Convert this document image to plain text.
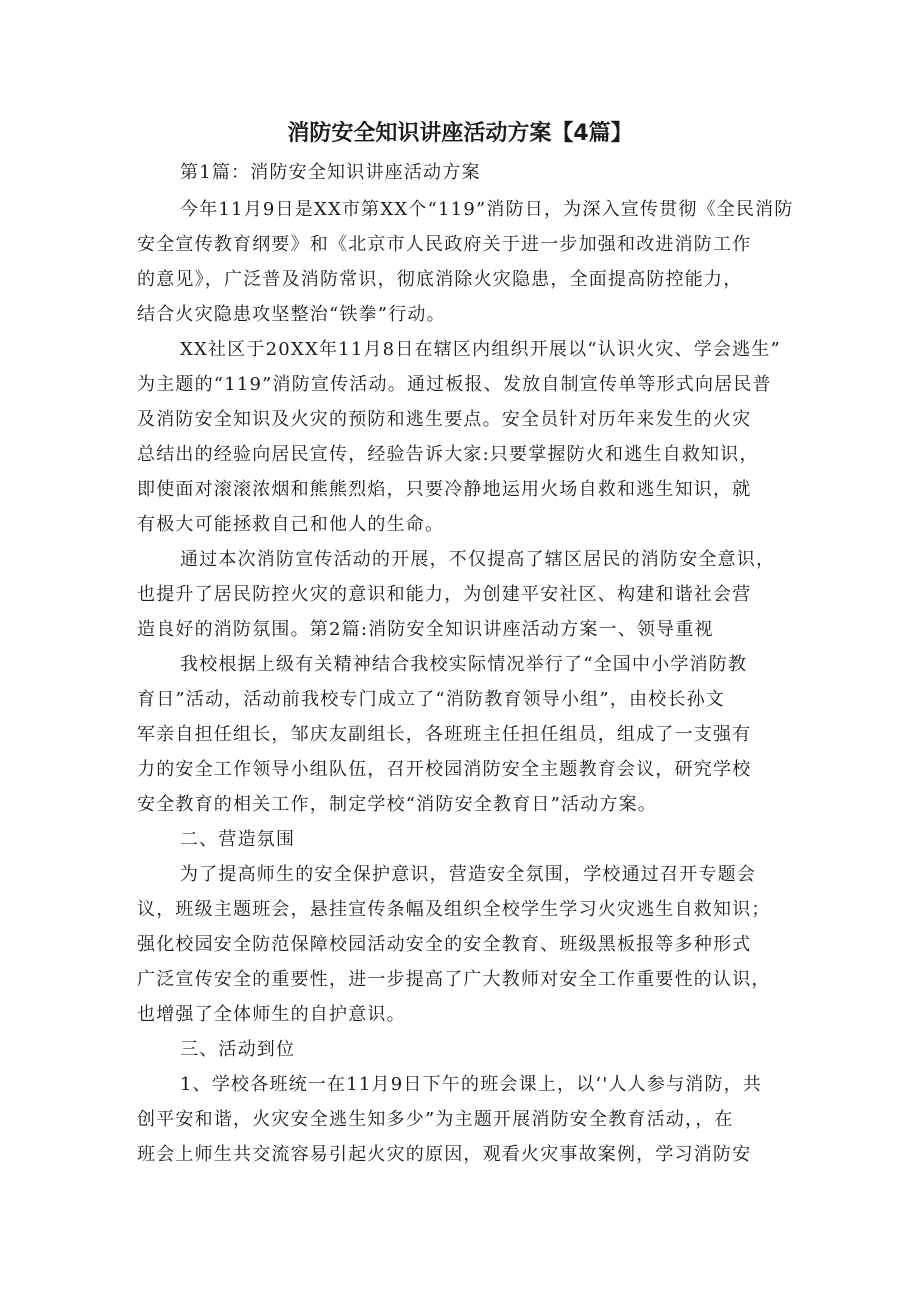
消防安全知识讲座活动方案【4篇】
第1篇：消防安全知识讲座活动方案
今年11月9日是XX市第XX个“119”消防日，为深入宣传贯彻《全民消防
安全宣传教育纲要》和《北京市人民政府关于进一步加强和改进消防工作
的意见》，广泛普及消防常识，彻底消除火灾隐患，全面提高防控能力，
结合火灾隐患攻坚整治“铁拳”行动。
XX社区于20XX年11月8日在辖区内组织开展以“认识火灾、学会逃生”
为主题的“119”消防宣传活动。通过板报、发放自制宣传单等形式向居民普
及消防安全知识及火灾的预防和逃生要点。安全员针对历年来发生的火灾
总结出的经验向居民宣传，经验告诉大家:只要掌握防火和逃生自救知识，
即使面对滚滚浓烟和熊熊烈焰，只要冷静地运用火场自救和逃生知识，就
有极大可能拯救自己和他人的生命。
通过本次消防宣传活动的开展，不仅提高了辖区居民的消防安全意识，
也提升了居民防控火灾的意识和能力，为创建平安社区、构建和谐社会营
造良好的消防氛围。第2篇:消防安全知识讲座活动方案一、领导重视
我校根据上级有关精神结合我校实际情况举行了“全国中小学消防教
育日”活动，活动前我校专门成立了“消防教育领导小组”，由校长孙文
军亲自担任组长，邹庆友副组长，各班班主任担任组员，组成了一支强有
力的安全工作领导小组队伍，召开校园消防安全主题教育会议，研究学校
安全教育的相关工作，制定学校“消防安全教育日”活动方案。
二、营造氛围
为了提高师生的安全保护意识，营造安全氛围，学校通过召开专题会
议，班级主题班会，悬挂宣传条幅及组织全校学生学习火灾逃生自救知识；
强化校园安全防范保障校园活动安全的安全教育、班级黑板报等多种形式
广泛宣传安全的重要性，进一步提高了广大教师对安全工作重要性的认识，
也增强了全体师生的自护意识。
三、活动到位
1、学校各班统一在11月9日下午的班会课上，以‘'人人参与消防，共
创平安和谐，火灾安全逃生知多少”为主题开展消防安全教育活动，，在
班会上师生共交流容易引起火灾的原因，观看火灾事故案例，学习消防安
